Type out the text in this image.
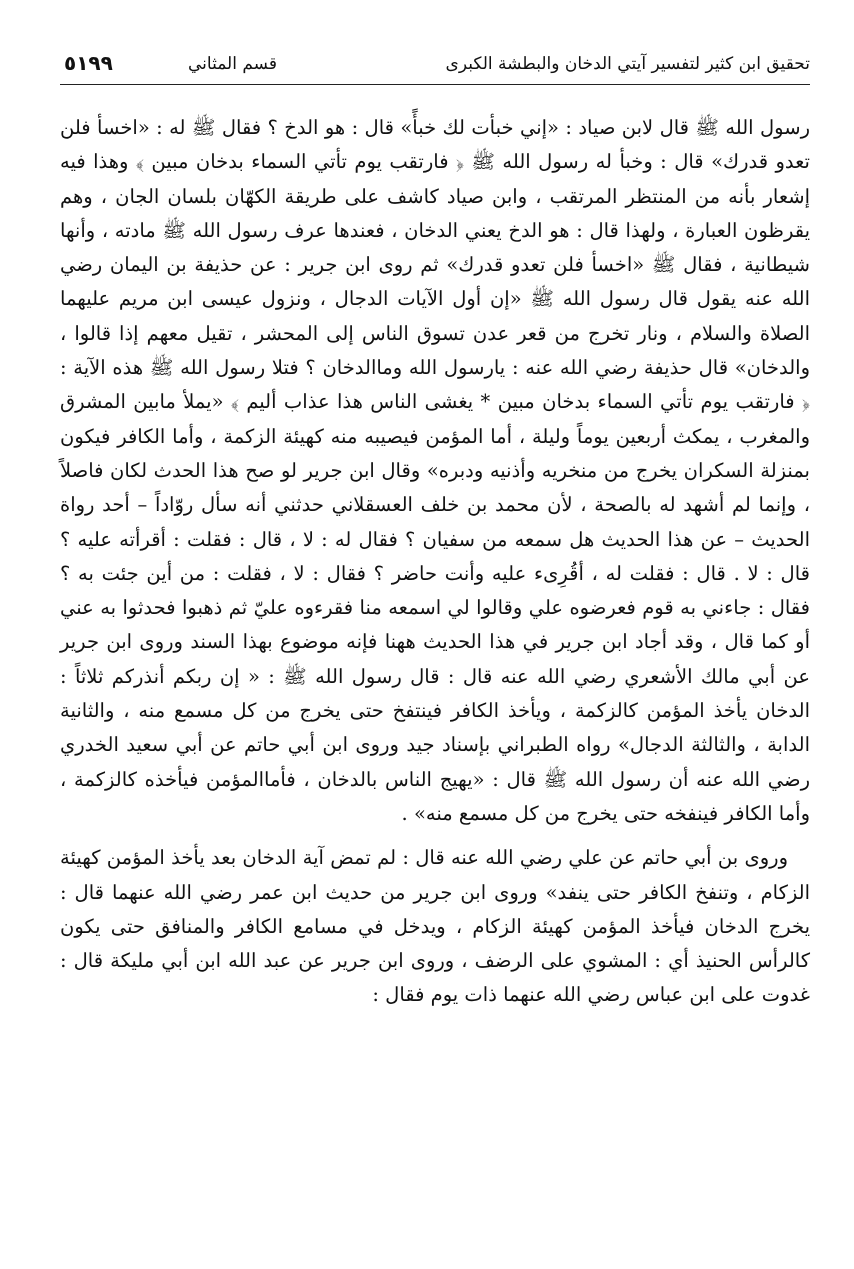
تحقيق ابن كثير لتفسير آيتي الدخان والبطشة الكبرى
قسم المثاني
٥١٩٩

رسول الله ﷺ قال لابن صياد : «إني خبأت لك خبأً» قال : هو الدخ ؟ فقال ﷺ له : «اخسأ فلن تعدو قدرك» قال : وخبأ له رسول الله ﷺ ﴿ فارتقب يوم تأتي السماء بدخان مبين ﴾ وهذا فيه إشعار بأنه من المنتظر المرتقب ، وابن صياد كاشف على طريقة الكهّان بلسان الجان ، وهم يقرظون العبارة ، ولهذا قال : هو الدخ يعني الدخان ، فعندها عرف رسول الله ﷺ مادته ، وأنها شيطانية ، فقال ﷺ «اخسأ فلن تعدو قدرك» ثم روى ابن جرير : عن حذيفة بن اليمان رضي الله عنه يقول قال رسول الله ﷺ «إن أول الآيات الدجال ، ونزول عيسى ابن مريم عليهما الصلاة والسلام ، ونار تخرج من قعر عدن تسوق الناس إلى المحشر ، تقيل معهم إذا قالوا ، والدخان» قال حذيفة رضي الله عنه : يارسول الله وماالدخان ؟ فتلا رسول الله ﷺ هذه الآية : ﴿ فارتقب يوم تأتي السماء بدخان مبين * يغشى الناس هذا عذاب أليم ﴾ «يملأ مابين المشرق والمغرب ، يمكث أربعين يوماً وليلة ، أما المؤمن فيصيبه منه كهيئة الزكمة ، وأما الكافر فيكون بمنزلة السكران يخرج من منخريه وأذنيه ودبره» وقال ابن جرير لو صح هذا الحدث لكان فاصلاً ، وإنما لم أشهد له بالصحة ، لأن محمد بن خلف العسقلاني حدثني أنه سأل روّاداً – أحد رواة الحديث – عن هذا الحديث هل سمعه من سفيان ؟ فقال له : لا ، قال : فقلت : أقرأته عليه ؟ قال : لا . قال : فقلت له ، أقُرِىء عليه وأنت حاضر ؟ فقال : لا ، فقلت : من أين جئت به ؟ فقال : جاءني به قوم فعرضوه علي وقالوا لي اسمعه منا فقرءوه عليّ ثم ذهبوا فحدثوا به عني أو كما قال ، وقد أجاد ابن جرير في هذا الحديث ههنا فإنه موضوع بهذا السند وروى ابن جرير عن أبي مالك الأشعري رضي الله عنه قال : قال رسول الله ﷺ : « إن ربكم أنذركم ثلاثاً : الدخان يأخذ المؤمن كالزكمة ، ويأخذ الكافر فينتفخ حتى يخرج من كل مسمع منه ، والثانية الدابة ، والثالثة الدجال» رواه الطبراني بإسناد جيد وروى ابن أبي حاتم عن أبي سعيد الخدري رضي الله عنه أن رسول الله ﷺ قال : «يهيج الناس بالدخان ، فأماالمؤمن فيأخذه كالزكمة ، وأما الكافر فينفخه حتى يخرج من كل مسمع منه» .

وروى بن أبي حاتم عن علي رضي الله عنه قال : لم تمض آية الدخان بعد يأخذ المؤمن كهيئة الزكام ، وتنفخ الكافر حتى ينفد» وروى ابن جرير من حديث ابن عمر رضي الله عنهما قال : يخرج الدخان فيأخذ المؤمن كهيئة الزكام ، ويدخل في مسامع الكافر والمنافق حتى يكون كالرأس الحنيذ أي : المشوي على الرضف ، وروى ابن جرير عن عبد الله ابن أبي مليكة قال : غدوت على ابن عباس رضي الله عنهما ذات يوم فقال :
